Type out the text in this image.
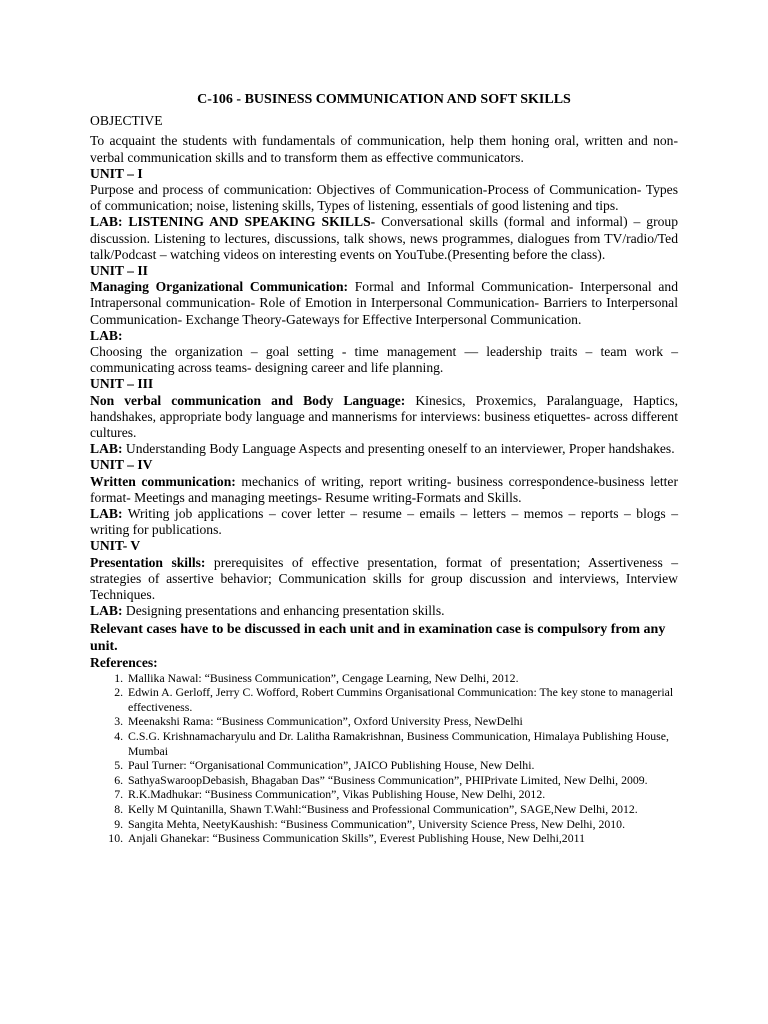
C-106 - BUSINESS COMMUNICATION AND SOFT SKILLS
OBJECTIVE

To acquaint the students with fundamentals of communication, help them honing oral, written and non-verbal communication skills and to transform them as effective communicators.

UNIT – I

Purpose and process of communication: Objectives of Communication-Process of Communication- Types of communication; noise, listening skills, Types of listening, essentials of good listening and tips.

LAB: LISTENING AND SPEAKING SKILLS- Conversational skills (formal and informal) – group discussion. Listening to lectures, discussions, talk shows, news programmes, dialogues from TV/radio/Ted talk/Podcast – watching videos on interesting events on YouTube.(Presenting before the class).

UNIT – II

Managing Organizational Communication: Formal and Informal Communication- Interpersonal and Intrapersonal communication- Role of Emotion in Interpersonal Communication- Barriers to Interpersonal Communication- Exchange Theory-Gateways for Effective Interpersonal Communication.

LAB:

Choosing the organization – goal setting - time management — leadership traits – team work – communicating across teams- designing career and life planning.

UNIT – III

Non verbal communication and Body Language: Kinesics, Proxemics, Paralanguage, Haptics, handshakes, appropriate body language and mannerisms for interviews: business etiquettes- across different cultures.

LAB: Understanding Body Language Aspects and presenting oneself to an interviewer, Proper handshakes.

UNIT – IV

Written communication: mechanics of writing, report writing- business correspondence-business letter format- Meetings and managing meetings- Resume writing-Formats and Skills.

LAB: Writing job applications – cover letter – resume – emails – letters – memos – reports – blogs – writing for publications.

UNIT- V

Presentation skills: prerequisites of effective presentation, format of presentation; Assertiveness – strategies of assertive behavior; Communication skills for group discussion and interviews, Interview Techniques.

LAB: Designing presentations and enhancing presentation skills.

Relevant cases have to be discussed in each unit and in examination case is compulsory from any unit.

References:
1. Mallika Nawal: “Business Communication”, Cengage Learning, New Delhi, 2012.
2. Edwin A. Gerloff, Jerry C. Wofford, Robert Cummins Organisational Communication: The key stone to managerial effectiveness.
3. Meenakshi Rama: “Business Communication”, Oxford University Press, NewDelhi
4. C.S.G. Krishnamacharyulu and Dr. Lalitha Ramakrishnan, Business Communication, Himalaya Publishing House, Mumbai
5. Paul Turner: “Organisational Communication”, JAICO Publishing House, New Delhi.
6. SathyaSwaroopDebasish, Bhagaban Das” “Business Communication”, PHIPrivate Limited, New Delhi, 2009.
7. R.K.Madhukar: “Business Communication”, Vikas Publishing House, New Delhi, 2012.
8. Kelly M Quintanilla, Shawn T.Wahl:“Business and Professional Communication”, SAGE,New Delhi, 2012.
9. Sangita Mehta, NeetyKaushish: “Business Communication”, University Science Press, New Delhi, 2010.
10. Anjali Ghanekar: “Business Communication Skills”, Everest Publishing House, New Delhi,2011
